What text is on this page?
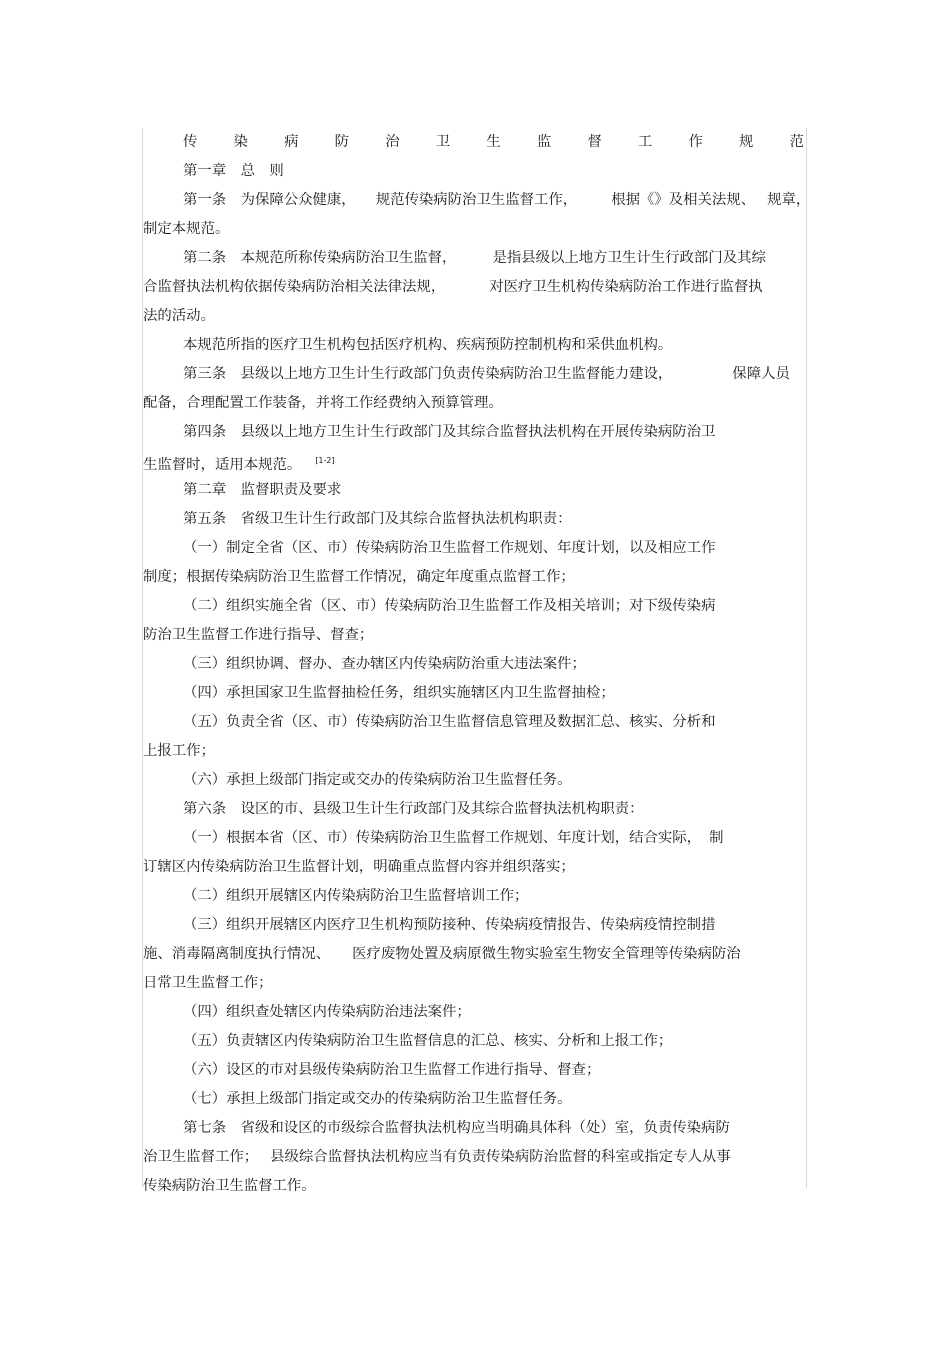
传	染	病	防	治	卫	生	监	督	工	作	规	范
第一章　总　则
第一条　为保障公众健康， 规范传染病防治卫生监督工作， 根据《》及相关法规、 规章，
制定本规范。
第二条　本规范所称传染病防治卫生监督，	是指县级以上地方卫生计生行政部门及其综
合监督执法机构依据传染病防治相关法律法规，	对医疗卫生机构传染病防治工作进行监督执
法的活动。
本规范所指的医疗卫生机构包括医疗机构、疾病预防控制机构和采供血机构。
第三条　县级以上地方卫生计生行政部门负责传染病防治卫生监督能力建设，	保障人员
配备，合理配置工作装备，并将工作经费纳入预算管理。
第四条　县级以上地方卫生计生行政部门及其综合监督执法机构在开展传染病防治卫
生监督时，适用本规范。 [1-2]
第二章　监督职责及要求
第五条　省级卫生计生行政部门及其综合监督执法机构职责：
（一）制定全省（区、市）传染病防治卫生监督工作规划、年度计划，以及相应工作
制度；根据传染病防治卫生监督工作情况，确定年度重点监督工作；
（二）组织实施全省（区、市）传染病防治卫生监督工作及相关培训；对下级传染病
防治卫生监督工作进行指导、督查；
（三）组织协调、督办、查办辖区内传染病防治重大违法案件；
（四）承担国家卫生监督抽检任务，组织实施辖区内卫生监督抽检；
（五）负责全省（区、市）传染病防治卫生监督信息管理及数据汇总、核实、分析和
上报工作；
（六）承担上级部门指定或交办的传染病防治卫生监督任务。
第六条　设区的市、县级卫生计生行政部门及其综合监督执法机构职责：
（一）根据本省（区、市）传染病防治卫生监督工作规划、年度计划，结合实际， 制
订辖区内传染病防治卫生监督计划，明确重点监督内容并组织落实；
（二）组织开展辖区内传染病防治卫生监督培训工作；
（三）组织开展辖区内医疗卫生机构预防接种、传染病疫情报告、传染病疫情控制措
施、消毒隔离制度执行情况、 医疗废物处置及病原微生物实验室生物安全管理等传染病防治
日常卫生监督工作；
（四）组织查处辖区内传染病防治违法案件；
（五）负责辖区内传染病防治卫生监督信息的汇总、核实、分析和上报工作；
（六）设区的市对县级传染病防治卫生监督工作进行指导、督查；
（七）承担上级部门指定或交办的传染病防治卫生监督任务。
第七条　省级和设区的市级综合监督执法机构应当明确具体科（处）室，负责传染病防
治卫生监督工作； 县级综合监督执法机构应当有负责传染病防治监督的科室或指定专人从事
传染病防治卫生监督工作。
